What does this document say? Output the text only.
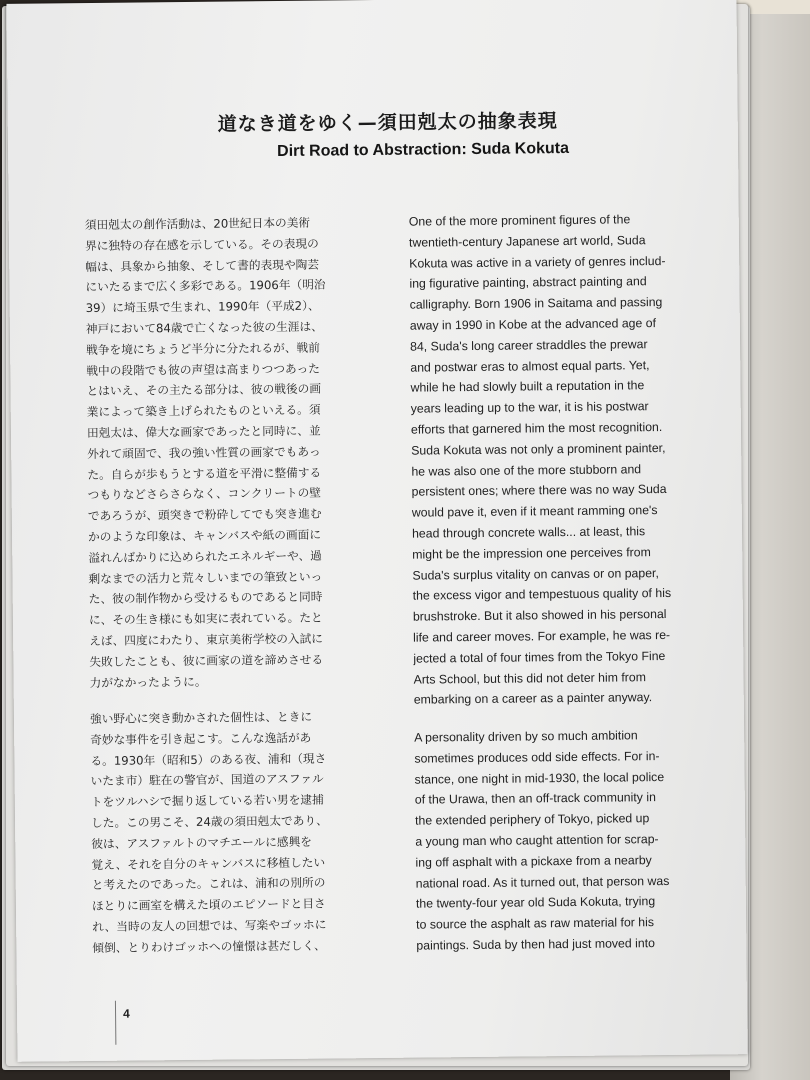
道なき道をゆく—須田剋太の抽象表現
Dirt Road to Abstraction: Suda Kokuta
須田剋太の創作活動は、20世紀日本の美術
界に独特の存在感を示している。その表現の
幅は、具象から抽象、そして書的表現や陶芸
にいたるまで広く多彩である。1906年（明治
39）に埼玉県で生まれ、1990年（平成2）、
神戸において84歳で亡くなった彼の生涯は、
戦争を境にちょうど半分に分たれるが、戦前
戦中の段階でも彼の声望は高まりつつあった
とはいえ、その主たる部分は、彼の戦後の画
業によって築き上げられたものといえる。須
田剋太は、偉大な画家であったと同時に、並
外れて頑固で、我の強い性質の画家でもあっ
た。自らが歩もうとする道を平滑に整備する
つもりなどさらさらなく、コンクリートの壁
であろうが、頭突きで粉砕してでも突き進む
かのような印象は、キャンバスや紙の画面に
溢れんばかりに込められたエネルギーや、過
剰なまでの活力と荒々しいまでの筆致といっ
た、彼の制作物から受けるものであると同時
に、その生き様にも如実に表れている。たと
えば、四度にわたり、東京美術学校の入試に
失敗したことも、彼に画家の道を諦めさせる
力がなかったように。
強い野心に突き動かされた個性は、ときに
奇妙な事件を引き起こす。こんな逸話があ
る。1930年（昭和5）のある夜、浦和（現さ
いたま市）駐在の警官が、国道のアスファル
トをツルハシで掘り返している若い男を逮捕
した。この男こそ、24歳の須田剋太であり、
彼は、アスファルトのマチエールに感興を
覚え、それを自分のキャンバスに移植したい
と考えたのであった。これは、浦和の別所の
ほとりに画室を構えた頃のエピソードと目さ
れ、当時の友人の回想では、写楽やゴッホに
傾倒、とりわけゴッホへの憧憬は甚だしく、
One of the more prominent figures of the
twentieth-century Japanese art world, Suda
Kokuta was active in a variety of genres includ-
ing figurative painting, abstract painting and
calligraphy. Born 1906 in Saitama and passing
away in 1990 in Kobe at the advanced age of
84, Suda's long career straddles the prewar
and postwar eras to almost equal parts. Yet,
while he had slowly built a reputation in the
years leading up to the war, it is his postwar
efforts that garnered him the most recognition.
Suda Kokuta was not only a prominent painter,
he was also one of the more stubborn and
persistent ones; where there was no way Suda
would pave it, even if it meant ramming one's
head through concrete walls... at least, this
might be the impression one perceives from
Suda's surplus vitality on canvas or on paper,
the excess vigor and tempestuous quality of his
brushstroke. But it also showed in his personal
life and career moves. For example, he was re-
jected a total of four times from the Tokyo Fine
Arts School, but this did not deter him from
embarking on a career as a painter anyway.
A personality driven by so much ambition
sometimes produces odd side effects. For in-
stance, one night in mid-1930, the local police
of the Urawa, then an off-track community in
the extended periphery of Tokyo, picked up
a young man who caught attention for scrap-
ing off asphalt with a pickaxe from a nearby
national road. As it turned out, that person was
the twenty-four year old Suda Kokuta, trying
to source the asphalt as raw material for his
paintings. Suda by then had just moved into
4
